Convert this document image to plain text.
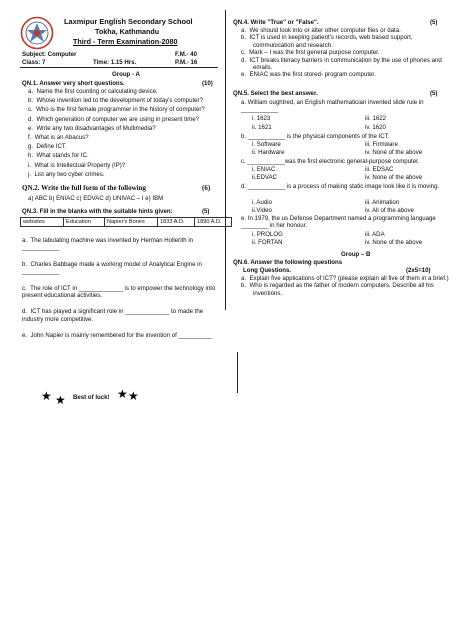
Laxmipur English Secondary School
Tokha, Kathmandu
Third - Term Examination-2080
Subject: Computer	F.M.- 40
Class: 7	Time: 1.15 Hrs.	P.M.- 16
Group - A
QN.1. Answer very short questions.	(10)
a. Name the first counting or calculating device.
b. Whose invention led to the development of today's computer?
c. Who is the first female programmer in the history of computer?
d. Which generation of computer we are using in present time?
e. Write any two disadvantages of Multimedia?
f. What is an Abacus?
g. Define ICT.
h. What stands for IC.
i. What is Intellectual Property (IP)?
j. List any two cyber crimes.
QN.2. Write the full form of the following	(6)
a) ABC b) ENIAC c) EDVAC d) UNIVAC – I e) IBM
QN.3. Fill in the blanks with the suitable hints given:	(5)
websites	Education	Napier's Bones	1833 A.D.	1890 A.D.
a. The tabulating machine was invented by Herman Hollerith in ___________
b. Charles Babbage made a working model of Analytical Engine in ___________
c. The role of ICT in _____________ is to empower the technology into present educational activities.
d. ICT has played a significant role in _____________ to made the industry more competitive.
e. John Napier is mainly remembered for the invention of __________
QN.4. Write "True" or "False".	(5)
a. We should look into or alter other computer files or data.
b. ICT is used in keeping patient's records, web based support, communication and research.
c. Mark – I was the first general purpose computer.
d. ICT breaks literacy barriers in communication by the use of phones and emails.
e. ENIAC was the first stored- program computer.
QN.5. Select the best answer.	(5)
a. William oughtred, an English mathematician invented slide rule in ___________
i. 1623	iii. 1622
ii. 1621	iv. 1620
b. ___________ is the physical components of the ICT.
i. Software	iii. Firmware
ii. Hardware	iv. None of the above
c. ___________was the first electronic general-purpose computer.
i. ENIAC	iii. EDSAC
ii.EDVAC	iv. None of the above
d. ___________ is a process of making static image look like it is moving.
i. Audio	iii. Animation
ii.Video	iv. All of the above
e. In 1979, the us Defense Department named a programming language ________ in her honour.
i. PROLOG	iii. ADA
ii. FORTAN	iv. None of the above
Group – B
QN.6. Answer the following questions
Long Questions.	(2x5=10)
a. Explain five applications of ICT? (please explain all five of them in a brief.)
b. Who is regarded as the father of modern computers. Describe all his inventions.
★ ★ Best of luck! ★ ★
